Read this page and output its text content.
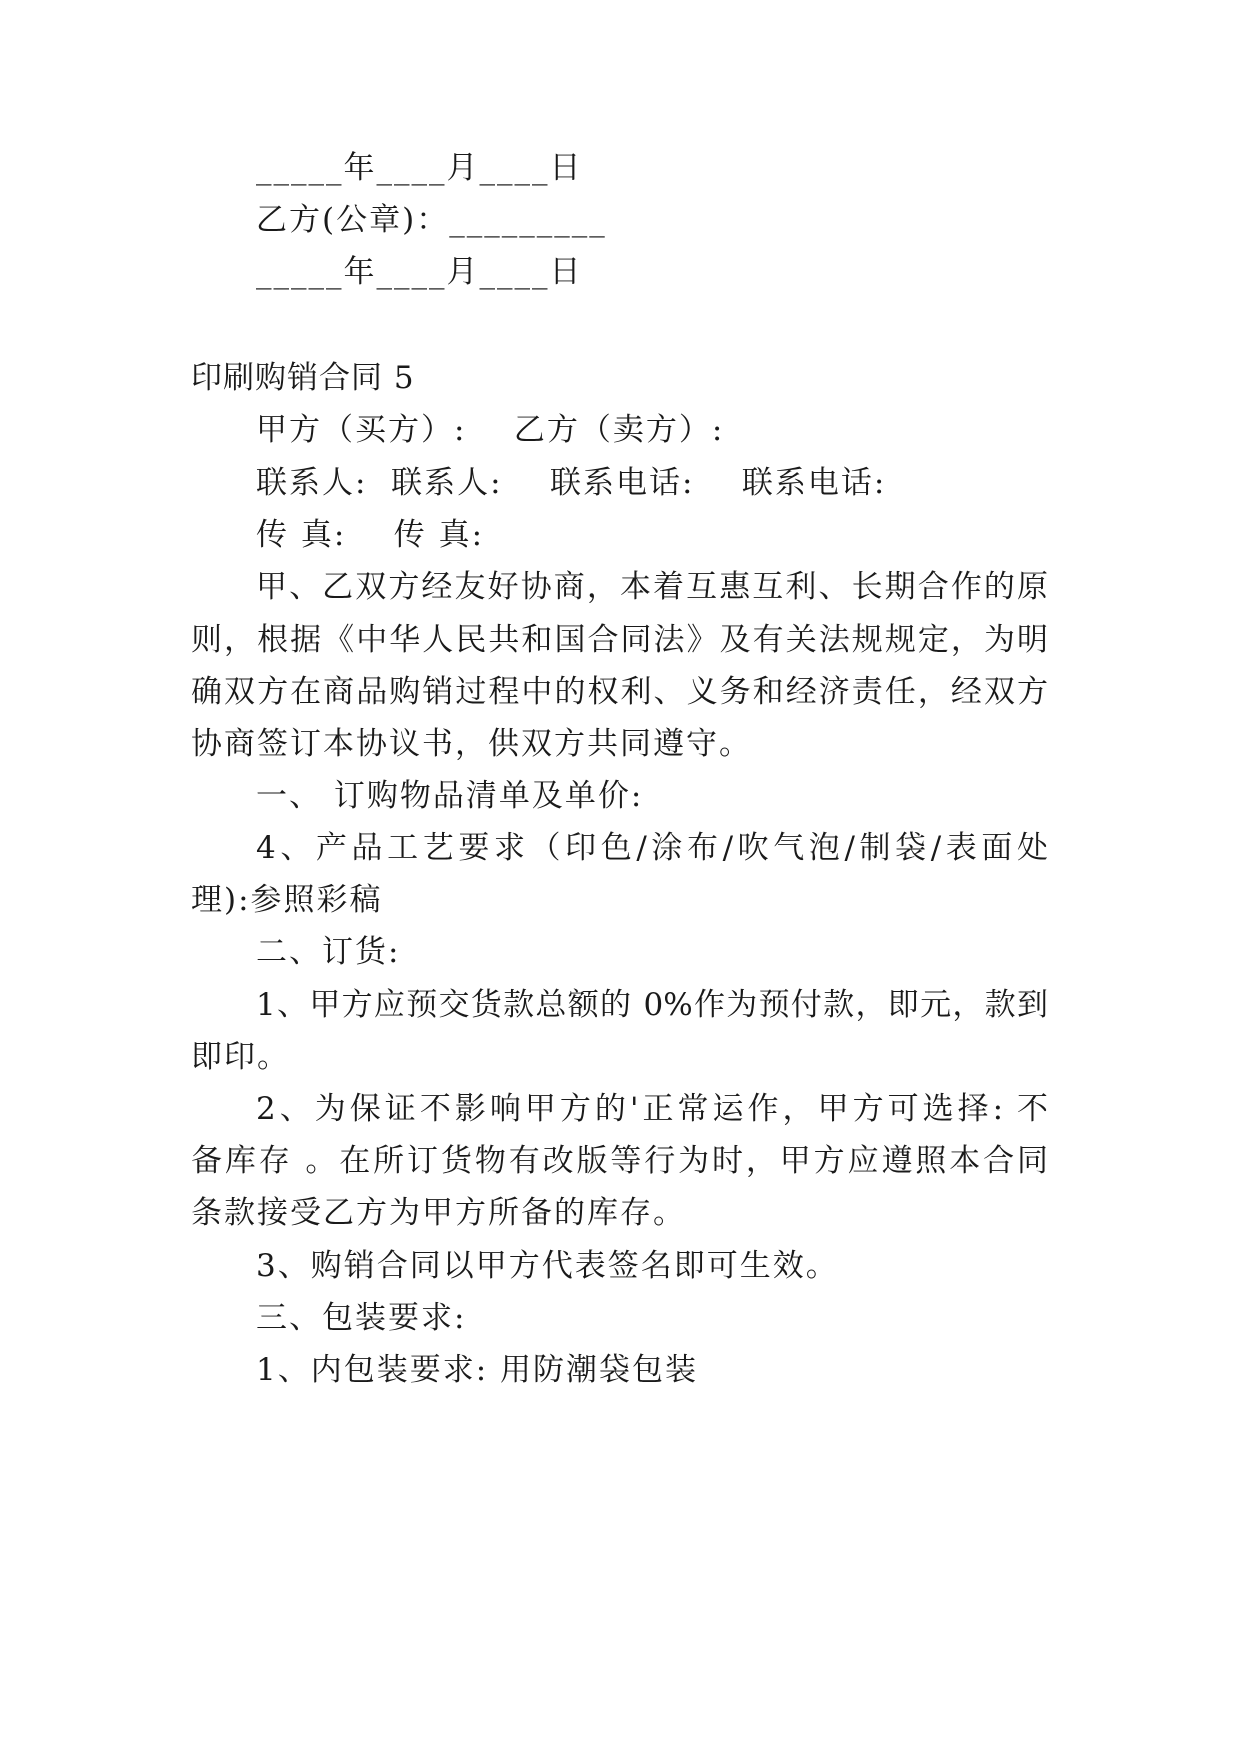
_____年____月____日
乙方(公章)：_________
_____年____月____日
印刷购销合同 5
甲方（买方）:    乙方（卖方）:
联系人:  联系人:    联系电话:    联系电话:
传 真:    传 真:
甲、乙双方经友好协商，本着互惠互利、长期合作的原
则，根据《中华人民共和国合同法》及有关法规规定，为明
确双方在商品购销过程中的权利、义务和经济责任，经双方
协商签订本协议书，供双方共同遵守。
一、 订购物品清单及单价:
4、产品工艺要求（印色/涂布/吹气泡/制袋/表面处
理):参照彩稿
二、订货:
1、甲方应预交货款总额的 0%作为预付款，即元，款到
即印。
2、为保证不影响甲方的'正常运作，甲方可选择: 不
备库存 。在所订货物有改版等行为时，甲方应遵照本合同
条款接受乙方为甲方所备的库存。
3、购销合同以甲方代表签名即可生效。
三、包装要求:
1、内包装要求: 用防潮袋包装
